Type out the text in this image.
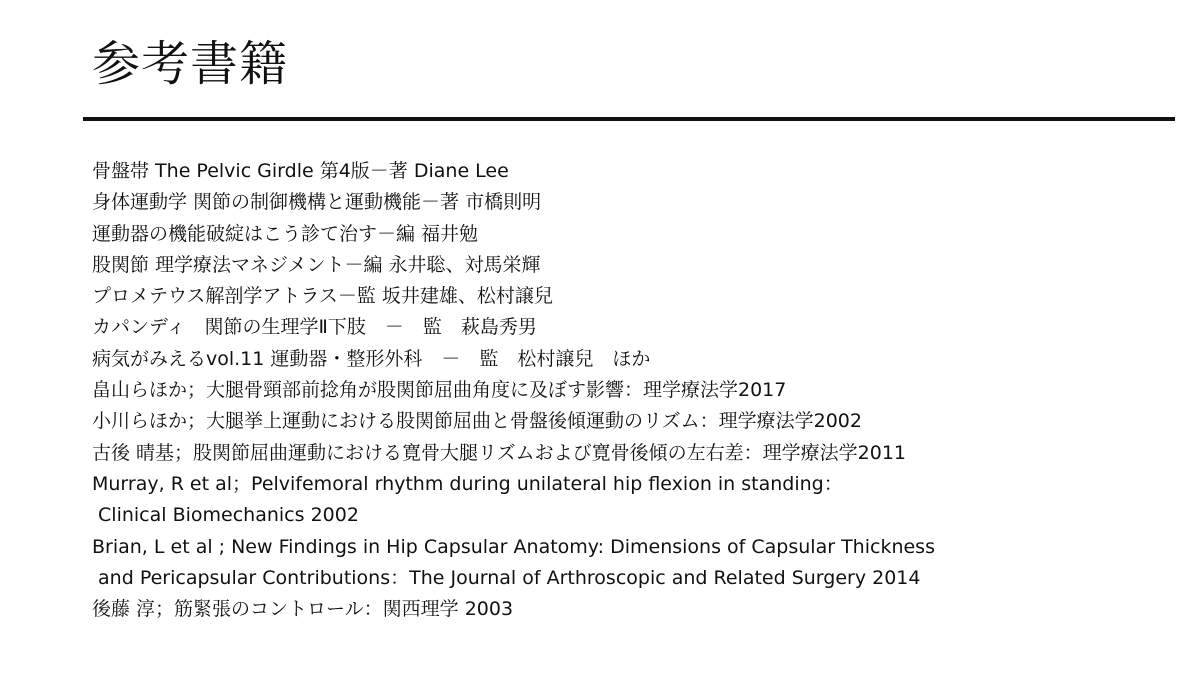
参考書籍
骨盤帯 The Pelvic Girdle 第4版－著 Diane Lee
身体運動学 関節の制御機構と運動機能－著 市橋則明
運動器の機能破綻はこう診て治す－編 福井勉
股関節 理学療法マネジメント－編 永井聡、対馬栄輝
プロメテウス解剖学アトラス－監 坂井建雄、松村譲兒
カパンディ　関節の生理学Ⅱ下肢　－　監　萩島秀男
病気がみえるvol.11 運動器・整形外科　－　監　松村譲兒　ほか
畠山らほか；大腿骨頸部前捻角が股関節屈曲角度に及ぼす影響：理学療法学2017
小川らほか；大腿挙上運動における股関節屈曲と骨盤後傾運動のリズム：理学療法学2002
古後 晴基；股関節屈曲運動における寛骨大腿リズムおよび寛骨後傾の左右差：理学療法学2011
Murray, R et al；Pelvifemoral rhythm during unilateral hip flexion in standing：
Clinical Biomechanics 2002
Brian, L et al ; New Findings in Hip Capsular Anatomy: Dimensions of Capsular Thickness
and Pericapsular Contributions：The Journal of Arthroscopic and Related Surgery 2014
後藤 淳；筋緊張のコントロール：関西理学 2003
